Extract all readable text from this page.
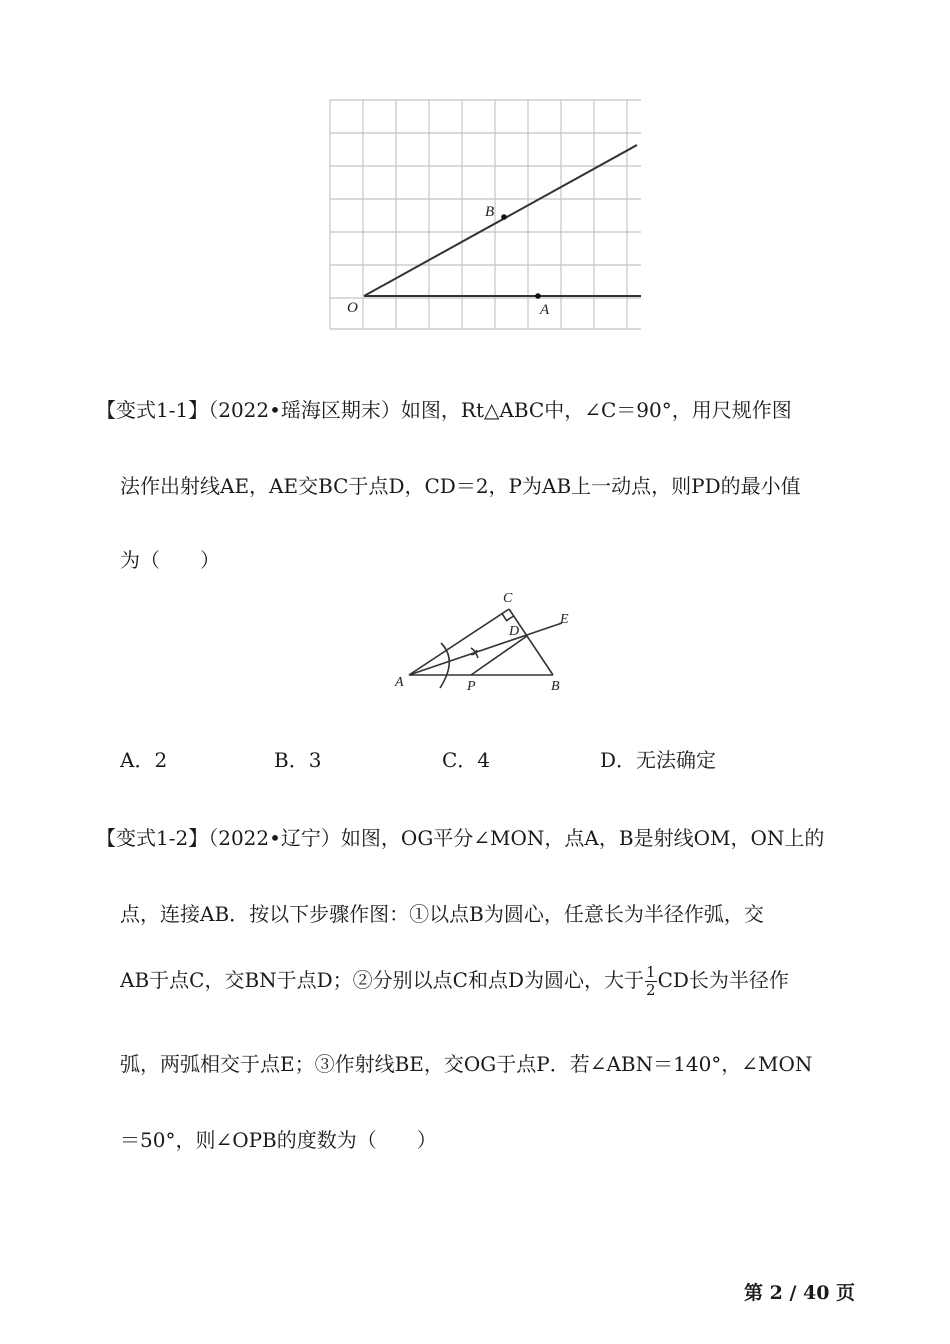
O
B
A
【变式1-1】（2022•瑶海区期末）如图，Rt△ABC中，∠C＝90°，用尺规作图
法作出射线AE，AE交BC于点D，CD＝2，P为AB上一动点，则PD的最小值
为（　　）
C
D
E
A	P	B
A．2	B．3	C．4	D．无法确定
【变式1-2】（2022•辽宁）如图，OG平分∠MON，点A，B是射线OM，ON上的
点，连接AB．按以下步骤作图：①以点B为圆心，任意长为半径作弧，交
AB于点C，交BN于点D；②分别以点C和点D为圆心，大于 $\frac{1}{2}$ CD长为半径作
弧，两弧相交于点E；③作射线BE，交OG于点P．若∠ABN＝140°，∠MON
＝50°，则∠OPB的度数为（　　）
第 2 / 40 页
